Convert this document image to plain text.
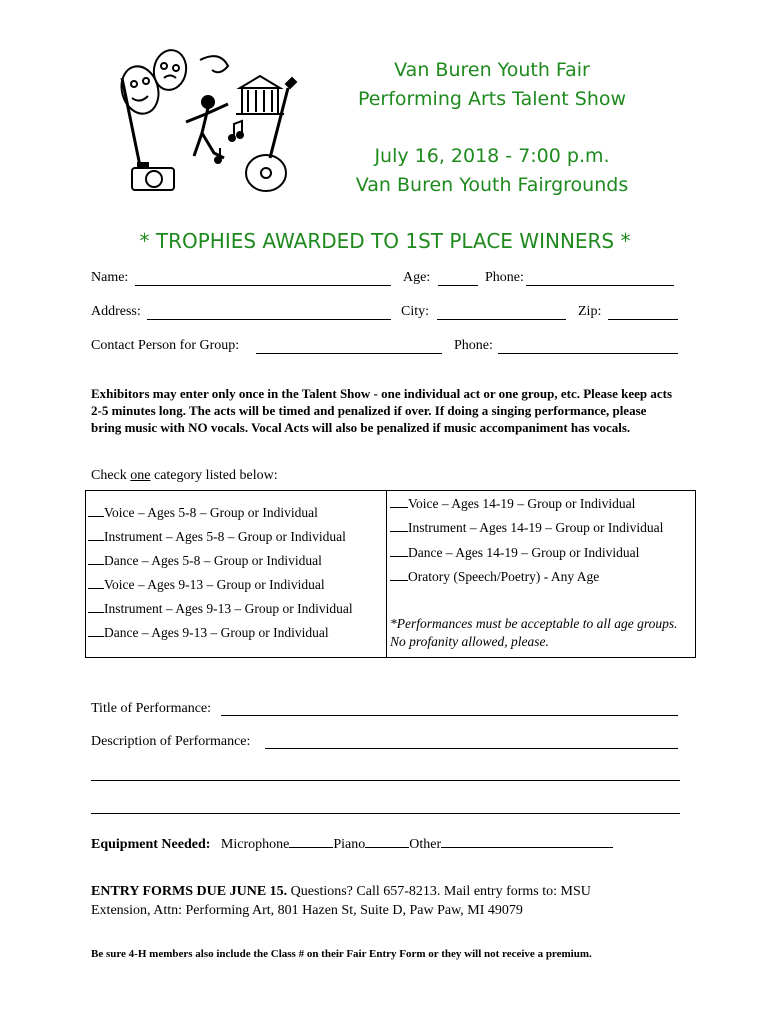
Van Buren Youth Fair
Performing Arts Talent Show
July 16, 2018 - 7:00 p.m.
Van Buren Youth Fairgrounds
* TROPHIES AWARDED TO 1ST PLACE WINNERS *
Name:	Age:	Phone:
Address:	City:	Zip:
Contact Person for Group:	Phone:
Exhibitors may enter only once in the Talent Show - one individual act or one group, etc. Please keep acts 2-5 minutes long. The acts will be timed and penalized if over. If doing a singing performance, please bring music with NO vocals. Vocal Acts will also be penalized if music accompaniment has vocals.
Check one category listed below:
Voice – Ages 5-8 – Group or Individual
Instrument – Ages 5-8 – Group or Individual
Dance – Ages 5-8 – Group or Individual
Voice – Ages 9-13 – Group or Individual
Instrument – Ages 9-13 – Group or Individual
Dance – Ages 9-13 – Group or Individual
Voice – Ages 14-19 – Group or Individual
Instrument – Ages 14-19 – Group or Individual
Dance – Ages 14-19 – Group or Individual
Oratory (Speech/Poetry) - Any Age
*Performances must be acceptable to all age groups. No profanity allowed, please.
Title of Performance:
Description of Performance:
Equipment Needed: Microphone	Piano	Other
ENTRY FORMS DUE JUNE 15. Questions? Call 657-8213. Mail entry forms to: MSU
Extension, Attn: Performing Art, 801 Hazen St, Suite D, Paw Paw, MI 49079
Be sure 4-H members also include the Class # on their Fair Entry Form or they will not receive a premium.
